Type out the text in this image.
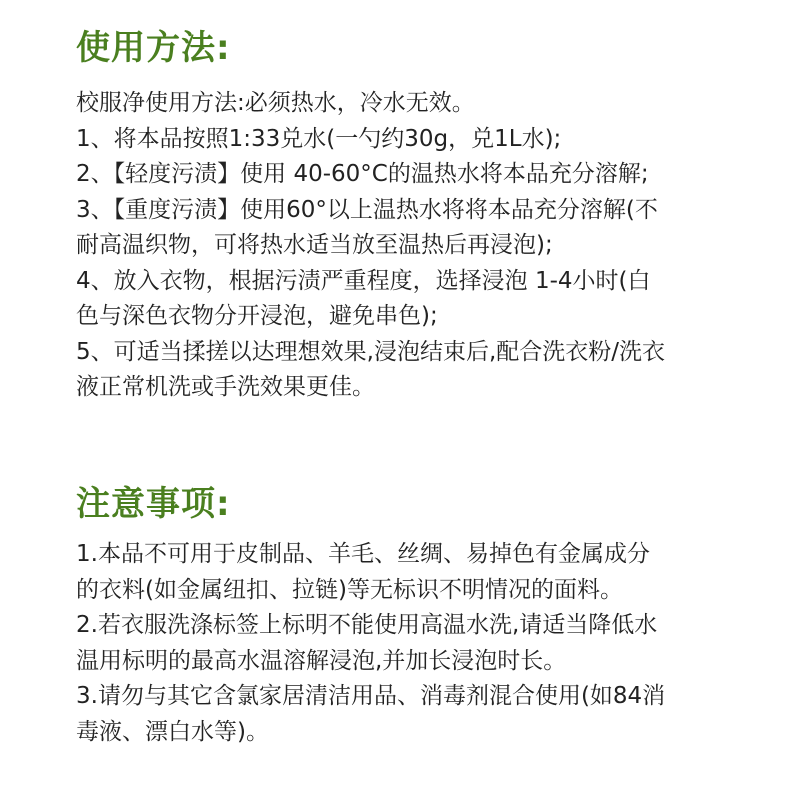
使用方法:
校服净使用方法:必须热水，冷水无效。
1、将本品按照1:33兑水(一勺约30g，兑1L水);
2、【轻度污渍】使用 40-60°C的温热水将本品充分溶解;
3、【重度污渍】使用60°以上温热水将将本品充分溶解(不
耐高温织物，可将热水适当放至温热后再浸泡);
4、放入衣物，根据污渍严重程度，选择浸泡 1-4小时(白
色与深色衣物分开浸泡，避免串色);
5、可适当揉搓以达理想效果,浸泡结束后,配合洗衣粉/洗衣
液正常机洗或手洗效果更佳。
注意事项:
1.本品不可用于皮制品、羊毛、丝绸、易掉色有金属成分
的衣料(如金属纽扣、拉链)等无标识不明情况的面料。
2.若衣服洗涤标签上标明不能使用高温水洗,请适当降低水
温用标明的最高水温溶解浸泡,并加长浸泡时长。
3.请勿与其它含氯家居清洁用品、消毒剂混合使用(如84消
毒液、漂白水等)。
